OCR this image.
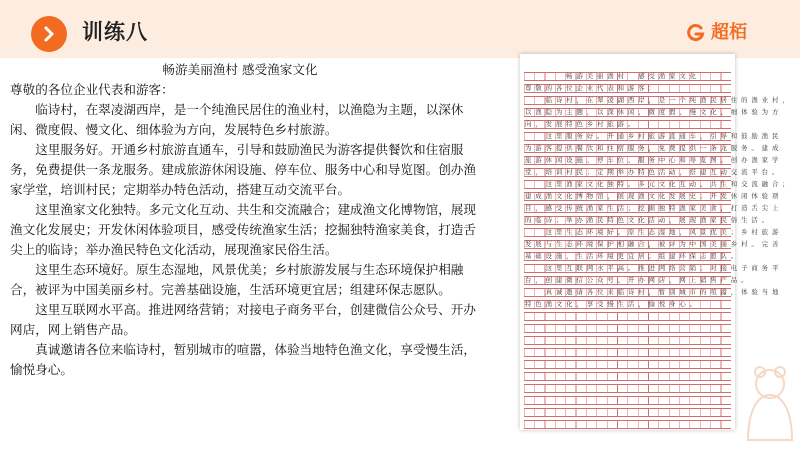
训练八	超栢
畅游美丽渔村 感受渔家文化
尊敬的各位企业代表和游客：
临诗村，在翠凌湖西岸，是一个纯渔民居住的渔业村，以渔隐为主题，以深休闲、微度假、慢文化、细体验为方向，发展特色乡村旅游。
这里服务好。开通乡村旅游直通车，引导和鼓励渔民为游客提供餐饮和住宿服务，免费提供一条龙服务。建成旅游休闲设施、停车位、服务中心和导览图。创办渔家学堂，培训村民；定期举办特色活动，搭建互动交流平台。
这里渔家文化独特。多元文化互动、共生和交流融合；建成渔文化博物馆，展现渔文化发展史；开发休闲体验项目，感受传统渔家生活；挖掘独特渔家美食，打造舌尖上的临诗；举办渔民特色文化活动，展现渔家民俗生活。
这里生态环境好。原生态湿地，风景优美；乡村旅游发展与生态环境保护相融合，被评为中国美丽乡村。完善基础设施，生活环境更宜居；组建环保志愿队。
这里互联网水平高。推进网络营销；对接电子商务平台，创建微信公众号、开办网店，网上销售产品。
真诚邀请各位来临诗村，暂别城市的喧嚣，体验当地特色渔文化，享受慢生活，愉悦身心。
　　　　畅游美丽渔村　感受渔家文化
尊敬的各位企业代表和游客：
　　临诗村，在翠凌湖西岸，是一个纯渔民居住的渔业村，
以渔隐为主题，以深休闲、微度假、慢文化、细体验为方
向，发展特色乡村旅游。
　　这里服务好。开通乡村旅游直通车，引导和鼓励渔民
为游客提供餐饮和住宿服务，免费提供一条龙服务。建成
旅游休闲设施、停车位、服务中心和导览图。创办渔家学
堂，培训村民；定期举办特色活动，搭建互动交流平台。
　　这里渔家文化独特。多元文化互动、共生和交流融合；
建成渔文化博物馆，展现渔文化发展史；开发休闲体验项
目，感受传统渔家生活；挖掘独特渔家美食，打造舌尖上
的临诗；举办渔民特色文化活动，展现渔家民俗生活。
　　这里生态环境好。原生态湿地，风景优美；乡村旅游
发展与生态环境保护相融合，被评为中国美丽乡村。完善
基础设施，生活环境更宜居；组建环保志愿队。
　　这里互联网水平高。推进网络营销；对接电子商务平
台，创建微信公众号、开办网店，网上销售产品。
　　真诚邀请各位来临诗村，暂别城市的喧嚣，体验当地
特色渔文化，享受慢生活，愉悦身心。
